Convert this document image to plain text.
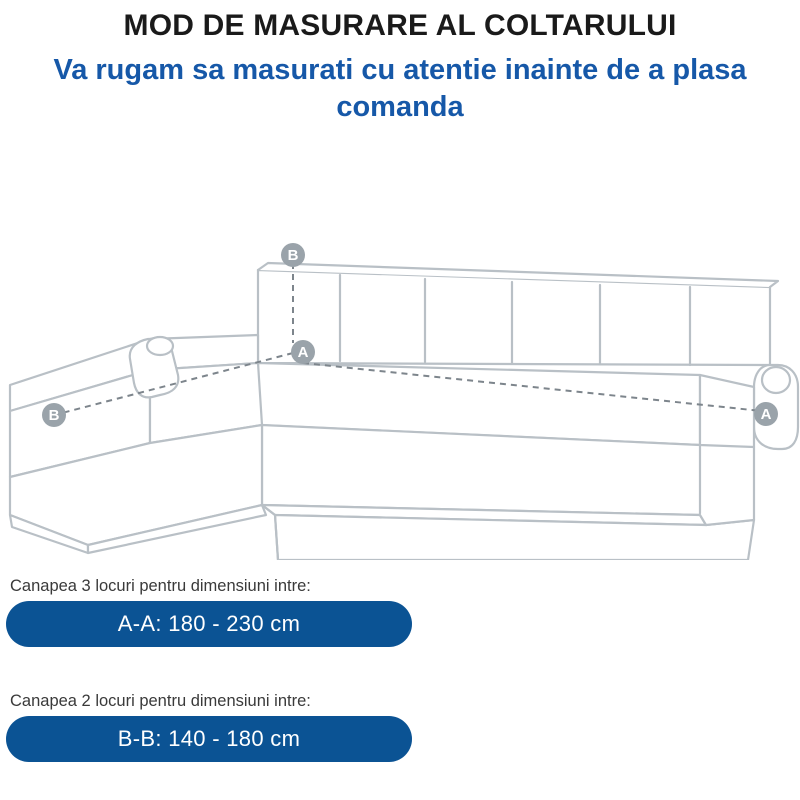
MOD DE MASURARE AL COLTARULUI
Va rugam sa masurati cu atentie inainte de a plasa comanda
B
A
B	A
Canapea 3 locuri pentru dimensiuni intre:
A-A: 180 - 230 cm
Canapea 2 locuri pentru dimensiuni intre:
B-B: 140 - 180 cm
